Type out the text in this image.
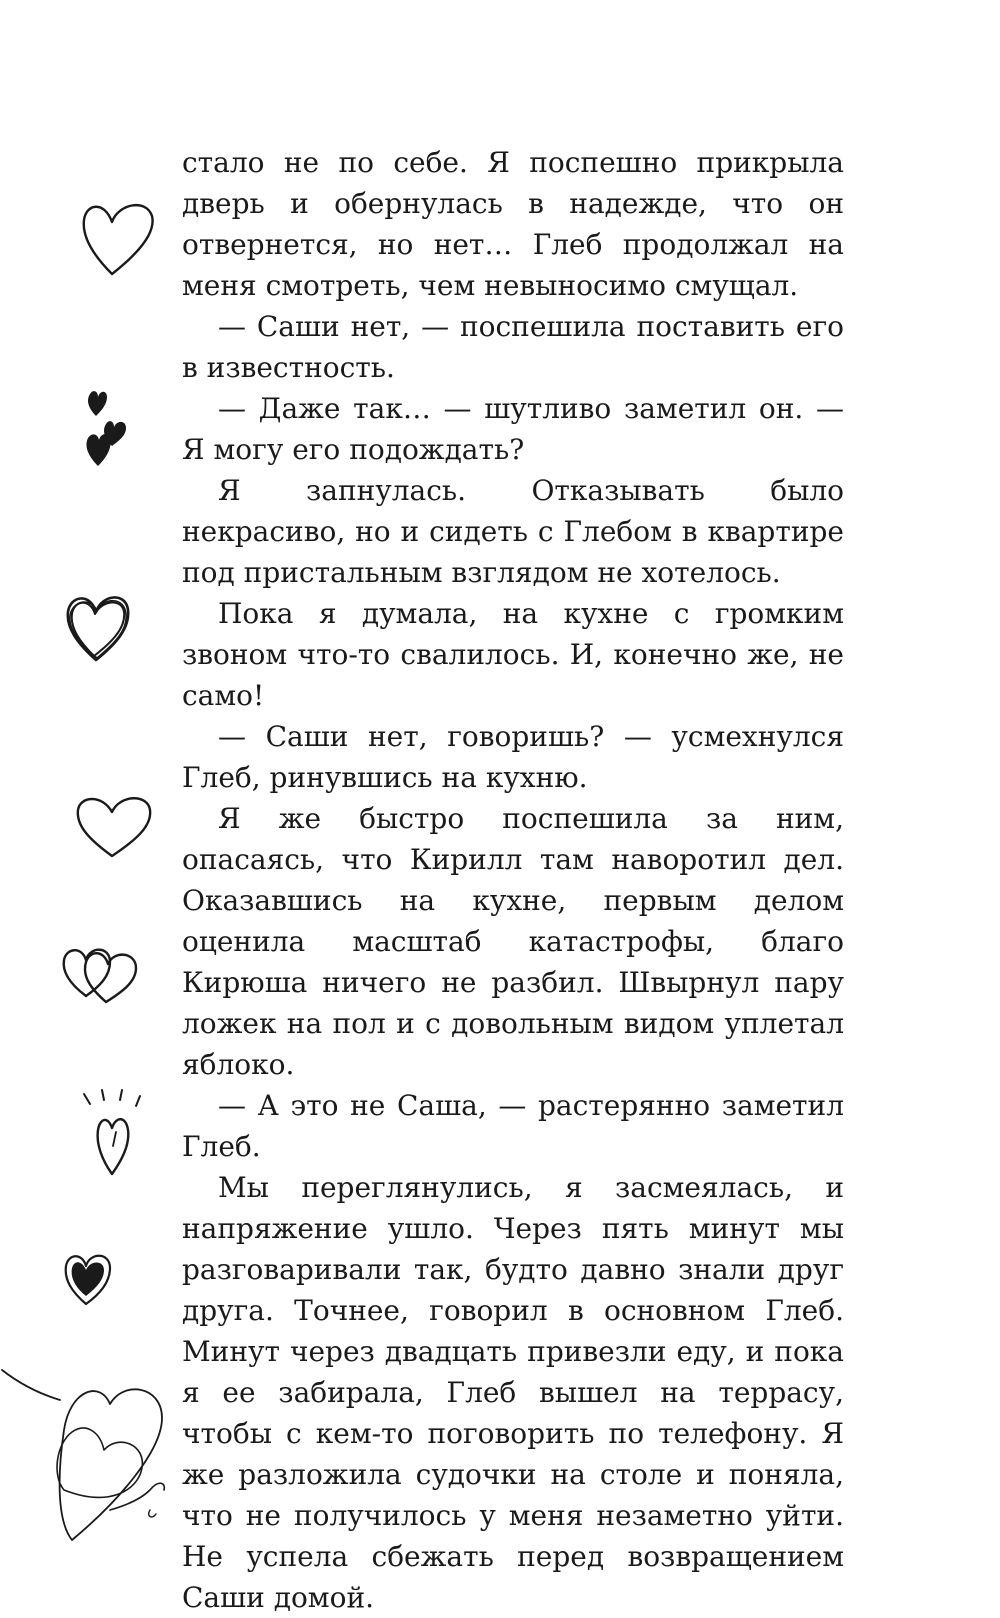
стало не по себе. Я поспешно прикрыла дверь и обернулась в надежде, что он отвернется, но нет… Глеб продолжал на меня смотреть, чем невыносимо смущал.

— Саши нет, — поспешила поставить его в известность.

— Даже так… — шутливо заметил он. — Я могу его подождать?

Я запнулась. Отказывать было некрасиво, но и сидеть с Глебом в квартире под пристальным взглядом не хотелось.

Пока я думала, на кухне с громким звоном что-то свалилось. И, конечно же, не само!

— Саши нет, говоришь? — усмехнулся Глеб, ринувшись на кухню.

Я же быстро поспешила за ним, опасаясь, что Кирилл там наворотил дел. Оказавшись на кухне, первым делом оценила масштаб катастрофы, благо Кирюша ничего не разбил. Швырнул пару ложек на пол и с довольным видом уплетал яблоко.

— А это не Саша, — растерянно заметил Глеб.

Мы переглянулись, я засмеялась, и напряжение ушло. Через пять минут мы разговаривали так, будто давно знали друг друга. Точнее, говорил в основном Глеб. Минут через двадцать привезли еду, и пока я ее забирала, Глеб вышел на террасу, чтобы с кем-то поговорить по телефону. Я же разложила судочки на столе и поняла, что не получилось у меня незаметно уйти. Не успела сбежать перед возвращением Саши домой.
